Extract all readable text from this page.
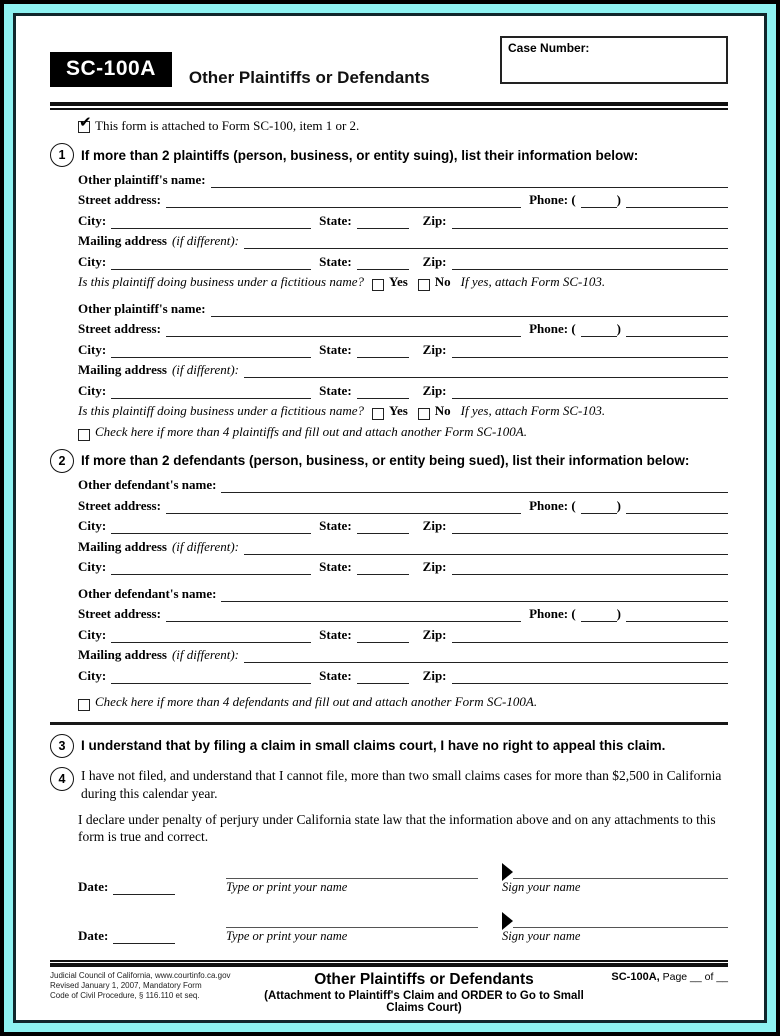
SC-100A Other Plaintiffs or Defendants
Case Number:
✔ This form is attached to Form SC-100, item 1 or 2.
1	If more than 2 plaintiffs (person, business, or entity suing), list their information below:
Other plaintiff's name:
Street address:	Phone: (	)
City:	State:	Zip:
Mailing address (if different):
City:	State:	Zip:
Is this plaintiff doing business under a fictitious name? Yes No If yes, attach Form SC-103.
Other plaintiff's name:
Street address:	Phone: (	)
City:	State:	Zip:
Mailing address (if different):
City:	State:	Zip:
Is this plaintiff doing business under a fictitious name? Yes No If yes, attach Form SC-103.
Check here if more than 4 plaintiffs and fill out and attach another Form SC-100A.
2	If more than 2 defendants (person, business, or entity being sued), list their information below:
Other defendant's name:
Street address:	Phone: (	)
City:	State:	Zip:
Mailing address (if different):
City:	State:	Zip:
Other defendant's name:
Street address:	Phone: (	)
City:	State:	Zip:
Mailing address (if different):
City:	State:	Zip:
Check here if more than 4 defendants and fill out and attach another Form SC-100A.
3	I understand that by filing a claim in small claims court, I have no right to appeal this claim.
4	I have not filed, and understand that I cannot file, more than two small claims cases for more than $2,500 in California during this calendar year.
I declare under penalty of perjury under California state law that the information above and on any attachments to this form is true and correct.
Date:	Type or print your name	Sign your name
Date:	Type or print your name	Sign your name
Judicial Council of California, www.courtinfo.ca.gov
Revised January 1, 2007, Mandatory Form
Code of Civil Procedure, § 116.110 et seq.
Other Plaintiffs or Defendants
(Attachment to Plaintiff's Claim and ORDER to Go to Small Claims Court)
SC-100A, Page __ of __
